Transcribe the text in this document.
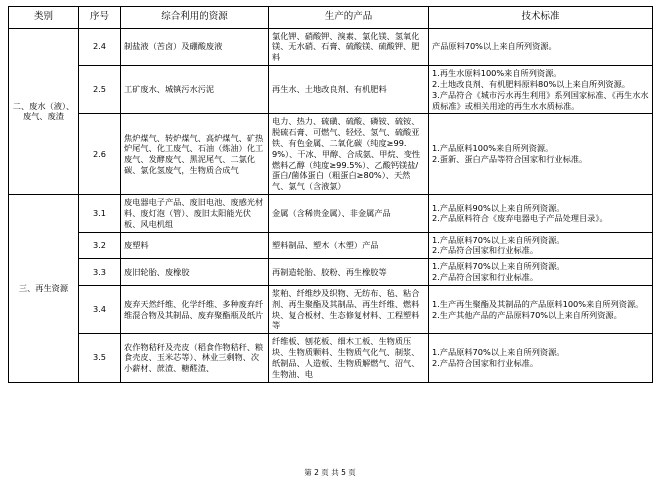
类别	序号	综合利用的资源	生产的产品	技术标准
二、废水（液）、废气、废渣	2.4	制盐液（苦卤）及硼酸废液	氯化钾、硝酸钾、溴素、氯化镁、氢氧化镁、无水硝、石膏、硫酸镁、硫酸钾、肥料	产品原料70%以上来自所列资源。

	2.5	工矿废水、城镇污水污泥	再生水、土地改良剂、有机肥料	1.再生水原料100%来自所列资源。
2.土地改良剂、有机肥料原料80%以上来自所列资源。
3.产品符合《城市污水再生利用》系列国家标准、《再生水水质标准》或相关用途的再生水水质标准。

	2.6	焦炉煤气、转炉煤气、高炉煤气、矿热炉尾气、化工废气、石油（炼油）化工废气、发酵废气、黑泥尾气、二氯化碳、氯化氢废气，生物质合成气	电力、热力、硫磺、硫酸、磷铵、硫铵、脱硫石膏、可燃气、轻烃、氢气、硫酸亚铁、有色金属、二氧化碳（纯度≥99.9%）、干冰、甲醇、合成氨、甲烷、变性燃料乙醇（纯度≥99.5%）、乙酸钙镁盐/蛋白/菌体蛋白（粗蛋白≥80%）、天然气、氯气（含液氯）	1.产品原料100%来自所列资源。
2.蛋新、蛋白产品等符合国家和行业标准。

三、再生资源	3.1	废电器电子产品、废旧电池、废感光材料、废灯泡（管）、废旧太阳能光伏板、风电机组	金属（含稀贵金属）、非金属产品	1.产品原料90%以上来自所列资源。
2.产品原料符合《废弃电器电子产品处理目录》。

	3.2	废塑料	塑料制品、塑木（木塑）产品	1.产品原料70%以上来自所列资源。
2.产品符合国家和行业标准。

	3.3	废旧轮胎、废橡胶	再制造轮胎、胶粉、再生橡胶等	1.产品原料70%以上来自所列资源。
2.产品符合国家和行业标准。

	3.4	废弃天然纤维、化学纤维、多种废弃纤维混合物及其制品、废弃聚酯瓶及纸片	浆粕、纤维纱及织物、无纺布、毡、粘合剂、再生聚酯及其制品、再生纤维、燃料块、复合板材、生态修复材料、工程塑料等	1.生产再生聚酯及其制品的产品原料100%来自所列资源。
2.生产其他产品的产品原料70%以上来自所列资源。

	3.5	农作物秸秆及壳皮（稻食作物秸秆、粮食壳皮、玉米芯等）、林业三剩物、次小薪材、蔗渣、糖醛渣、	纤维板、刨花板、细木工板、生物质压块、生物质颗料、生物质气化气、制浆、纸制品、人造板、生物质解燃气、沼气、生物油、电	1.产品原料70%以上来自所列资源。
2.产品符合国家和行业标准。
第 2 页 共 5 页
